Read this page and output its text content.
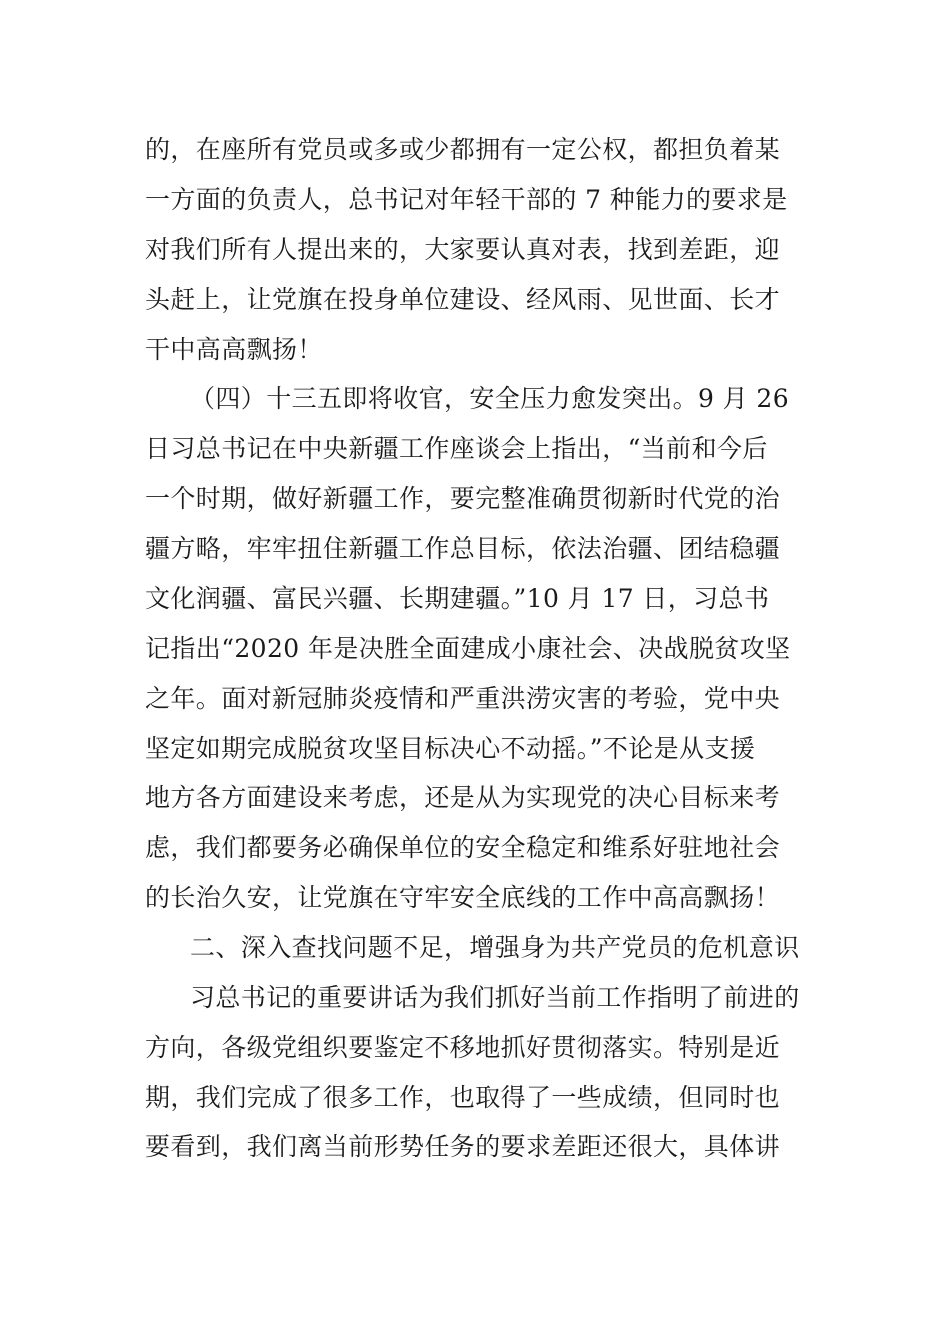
的，在座所有党员或多或少都拥有一定公权，都担负着某
一方面的负责人，总书记对年轻干部的 7 种能力的要求是
对我们所有人提出来的，大家要认真对表，找到差距，迎
头赶上，让党旗在投身单位建设、经风雨、见世面、长才
干中高高飘扬！
（四）十三五即将收官，安全压力愈发突出。9 月 26
日习总书记在中央新疆工作座谈会上指出，“当前和今后
一个时期，做好新疆工作，要完整准确贯彻新时代党的治
疆方略，牢牢扭住新疆工作总目标，依法治疆、团结稳疆
文化润疆、富民兴疆、长期建疆。”10 月 17 日，习总书
记指出“2020 年是决胜全面建成小康社会、决战脱贫攻坚
之年。面对新冠肺炎疫情和严重洪涝灾害的考验，党中央
坚定如期完成脱贫攻坚目标决心不动摇。”不论是从支援
地方各方面建设来考虑，还是从为实现党的决心目标来考
虑，我们都要务必确保单位的安全稳定和维系好驻地社会
的长治久安，让党旗在守牢安全底线的工作中高高飘扬！
二、深入查找问题不足，增强身为共产党员的危机意识
习总书记的重要讲话为我们抓好当前工作指明了前进的
方向，各级党组织要鉴定不移地抓好贯彻落实。特别是近
期，我们完成了很多工作，也取得了一些成绩，但同时也
要看到，我们离当前形势任务的要求差距还很大，具体讲
